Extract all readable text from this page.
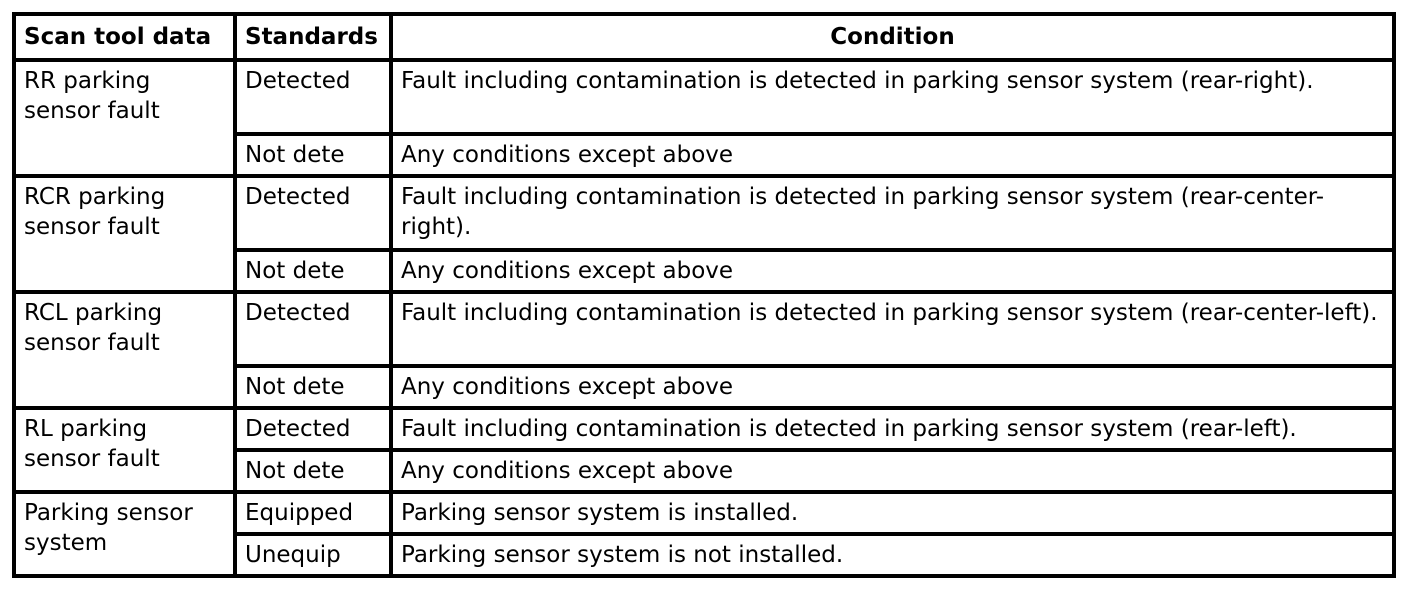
Scan tool data	Standards	Condition
RR parking sensor fault	Detected	Fault including contamination is detected in parking sensor system (rear-right).
	Not dete	Any conditions except above
RCR parking sensor fault	Detected	Fault including contamination is detected in parking sensor system (rear-center-right).
	Not dete	Any conditions except above
RCL parking sensor fault	Detected	Fault including contamination is detected in parking sensor system (rear-center-left).
	Not dete	Any conditions except above
RL parking sensor fault	Detected	Fault including contamination is detected in parking sensor system (rear-left).
	Not dete	Any conditions except above
Parking sensor system	Equipped	Parking sensor system is installed.
	Unequip	Parking sensor system is not installed.
